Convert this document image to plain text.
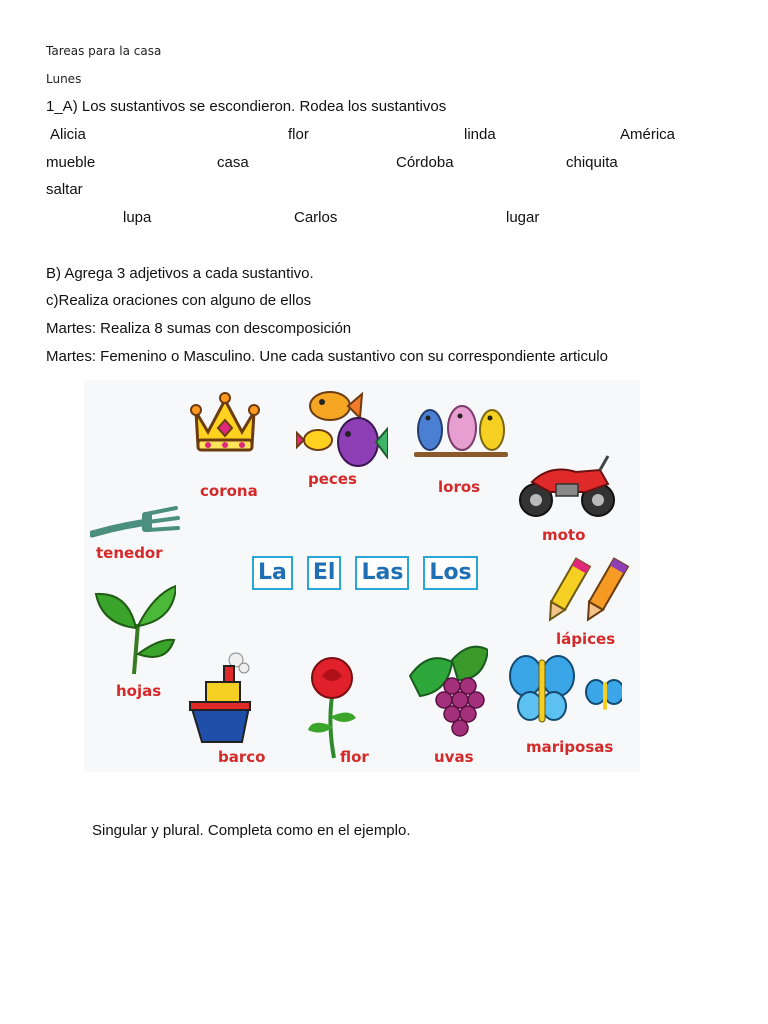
Tareas para la casa
Lunes
1_A) Los sustantivos se escondieron. Rodea los sustantivos
Alicia	flor	linda	América
mueble	casa	Córdoba	chiquita
saltar
lupa	Carlos	lugar
B) Agrega 3 adjetivos a cada sustantivo.
c)Realiza oraciones con alguno de ellos
Martes: Realiza 8 sumas con descomposición
Martes: Femenino o Masculino. Une cada sustantivo con su correspondiente articulo
corona
peces	loros
moto
tenedor
La El Las Los
lápices
hojas
barco	flor	uvas
mariposas
Singular y plural. Completa como en el ejemplo.
